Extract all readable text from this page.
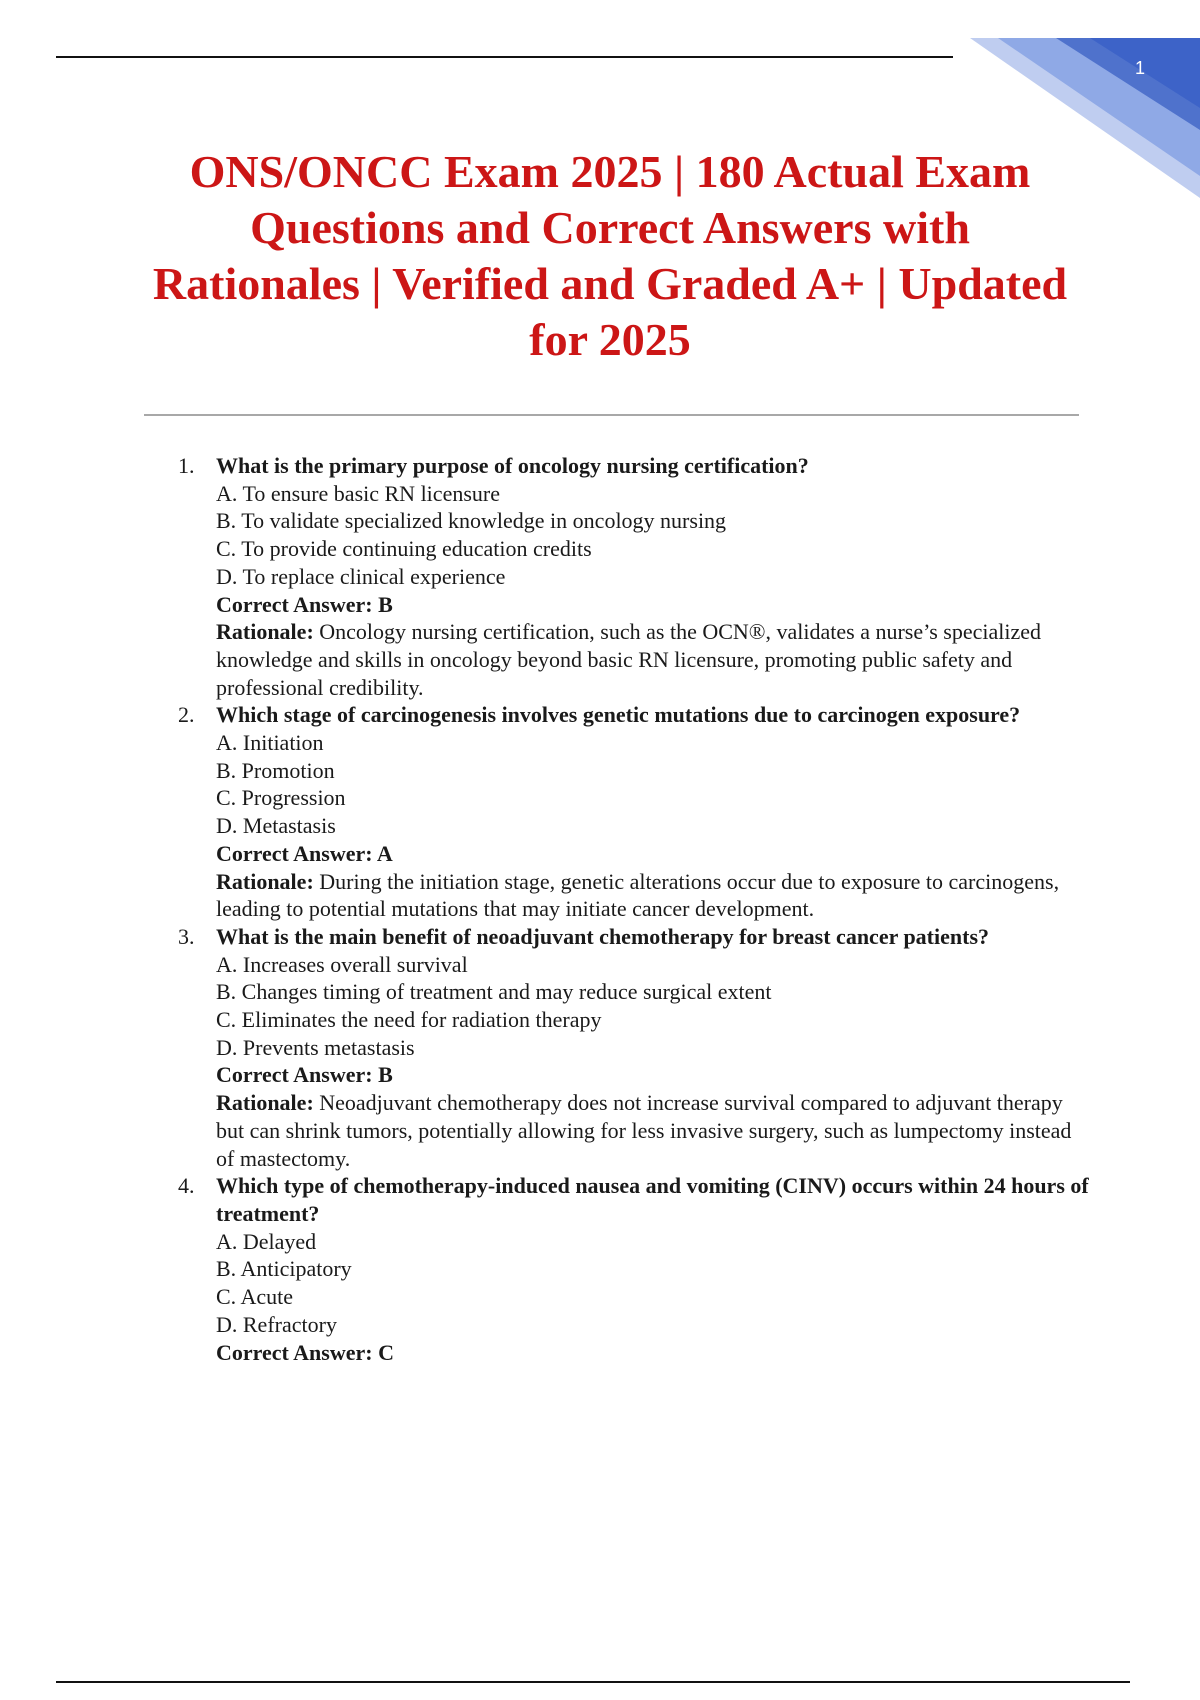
1
ONS/ONCC Exam 2025 | 180 Actual Exam Questions and Correct Answers with Rationales | Verified and Graded A+ | Updated for 2025
1. What is the primary purpose of oncology nursing certification?
A. To ensure basic RN licensure
B. To validate specialized knowledge in oncology nursing
C. To provide continuing education credits
D. To replace clinical experience
Correct Answer: B
Rationale: Oncology nursing certification, such as the OCN®, validates a nurse’s specialized knowledge and skills in oncology beyond basic RN licensure, promoting public safety and professional credibility.
2. Which stage of carcinogenesis involves genetic mutations due to carcinogen exposure?
A. Initiation
B. Promotion
C. Progression
D. Metastasis
Correct Answer: A
Rationale: During the initiation stage, genetic alterations occur due to exposure to carcinogens, leading to potential mutations that may initiate cancer development.
3. What is the main benefit of neoadjuvant chemotherapy for breast cancer patients?
A. Increases overall survival
B. Changes timing of treatment and may reduce surgical extent
C. Eliminates the need for radiation therapy
D. Prevents metastasis
Correct Answer: B
Rationale: Neoadjuvant chemotherapy does not increase survival compared to adjuvant therapy but can shrink tumors, potentially allowing for less invasive surgery, such as lumpectomy instead of mastectomy.
4. Which type of chemotherapy-induced nausea and vomiting (CINV) occurs within 24 hours of treatment?
A. Delayed
B. Anticipatory
C. Acute
D. Refractory
Correct Answer: C
